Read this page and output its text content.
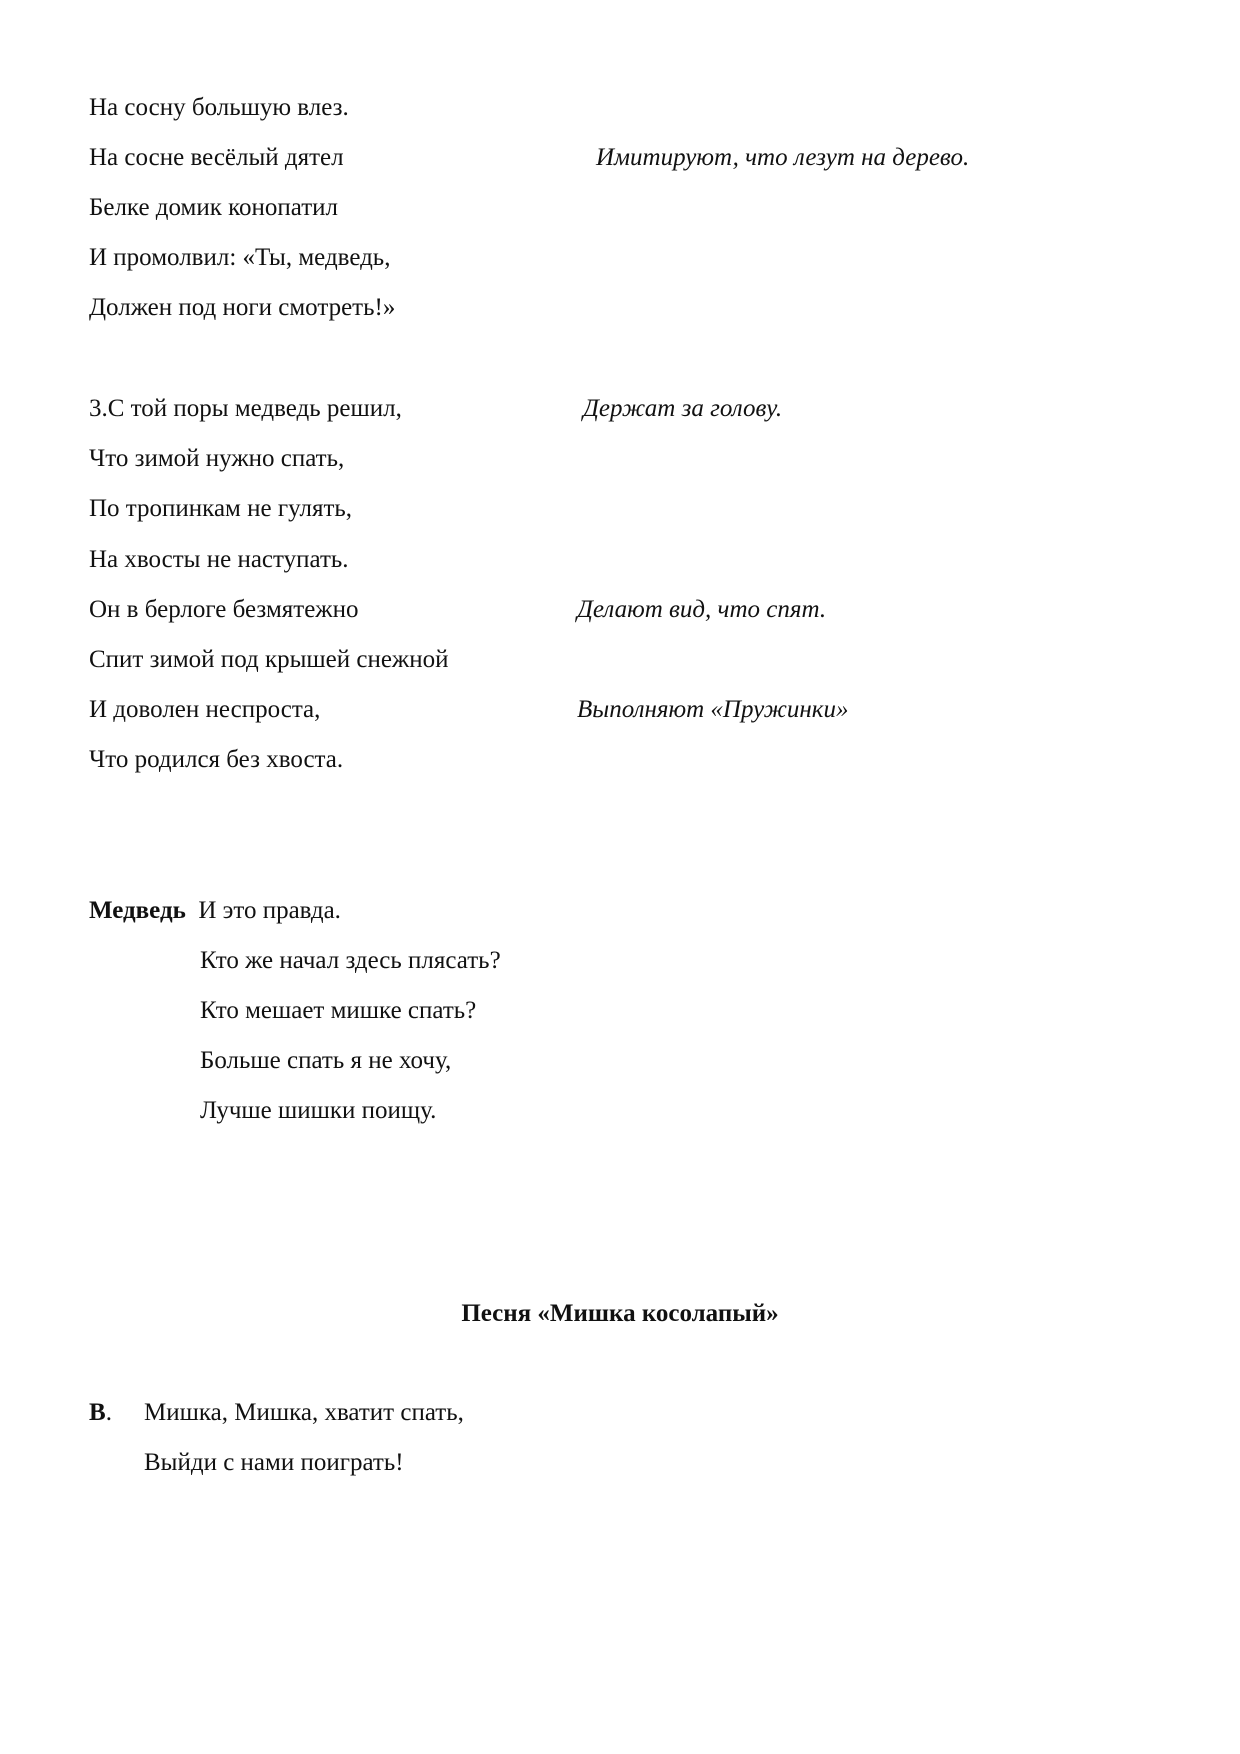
На сосну большую влез.
На сосне весёлый дятел	Имитируют, что лезут на дерево.
Белке домик конопатил
И промолвил: «Ты, медведь,
Должен под ноги смотреть!»
3.С той поры медведь решил,	Держат за голову.
Что зимой нужно спать,
По тропинкам не гулять,
На хвосты не наступать.
Он в берлоге безмятежно	Делают вид, что спят.
Спит зимой под крышей снежной
И доволен неспроста,	Выполняют «Пружинки»
Что родился без хвоста.
Медведь И это правда.
Кто же начал здесь плясать?
Кто мешает мишке спать?
Больше спать я не хочу,
Лучше шишки поищу.
Песня «Мишка косолапый»
В. Мишка, Мишка, хватит спать,
Выйди с нами поиграть!
